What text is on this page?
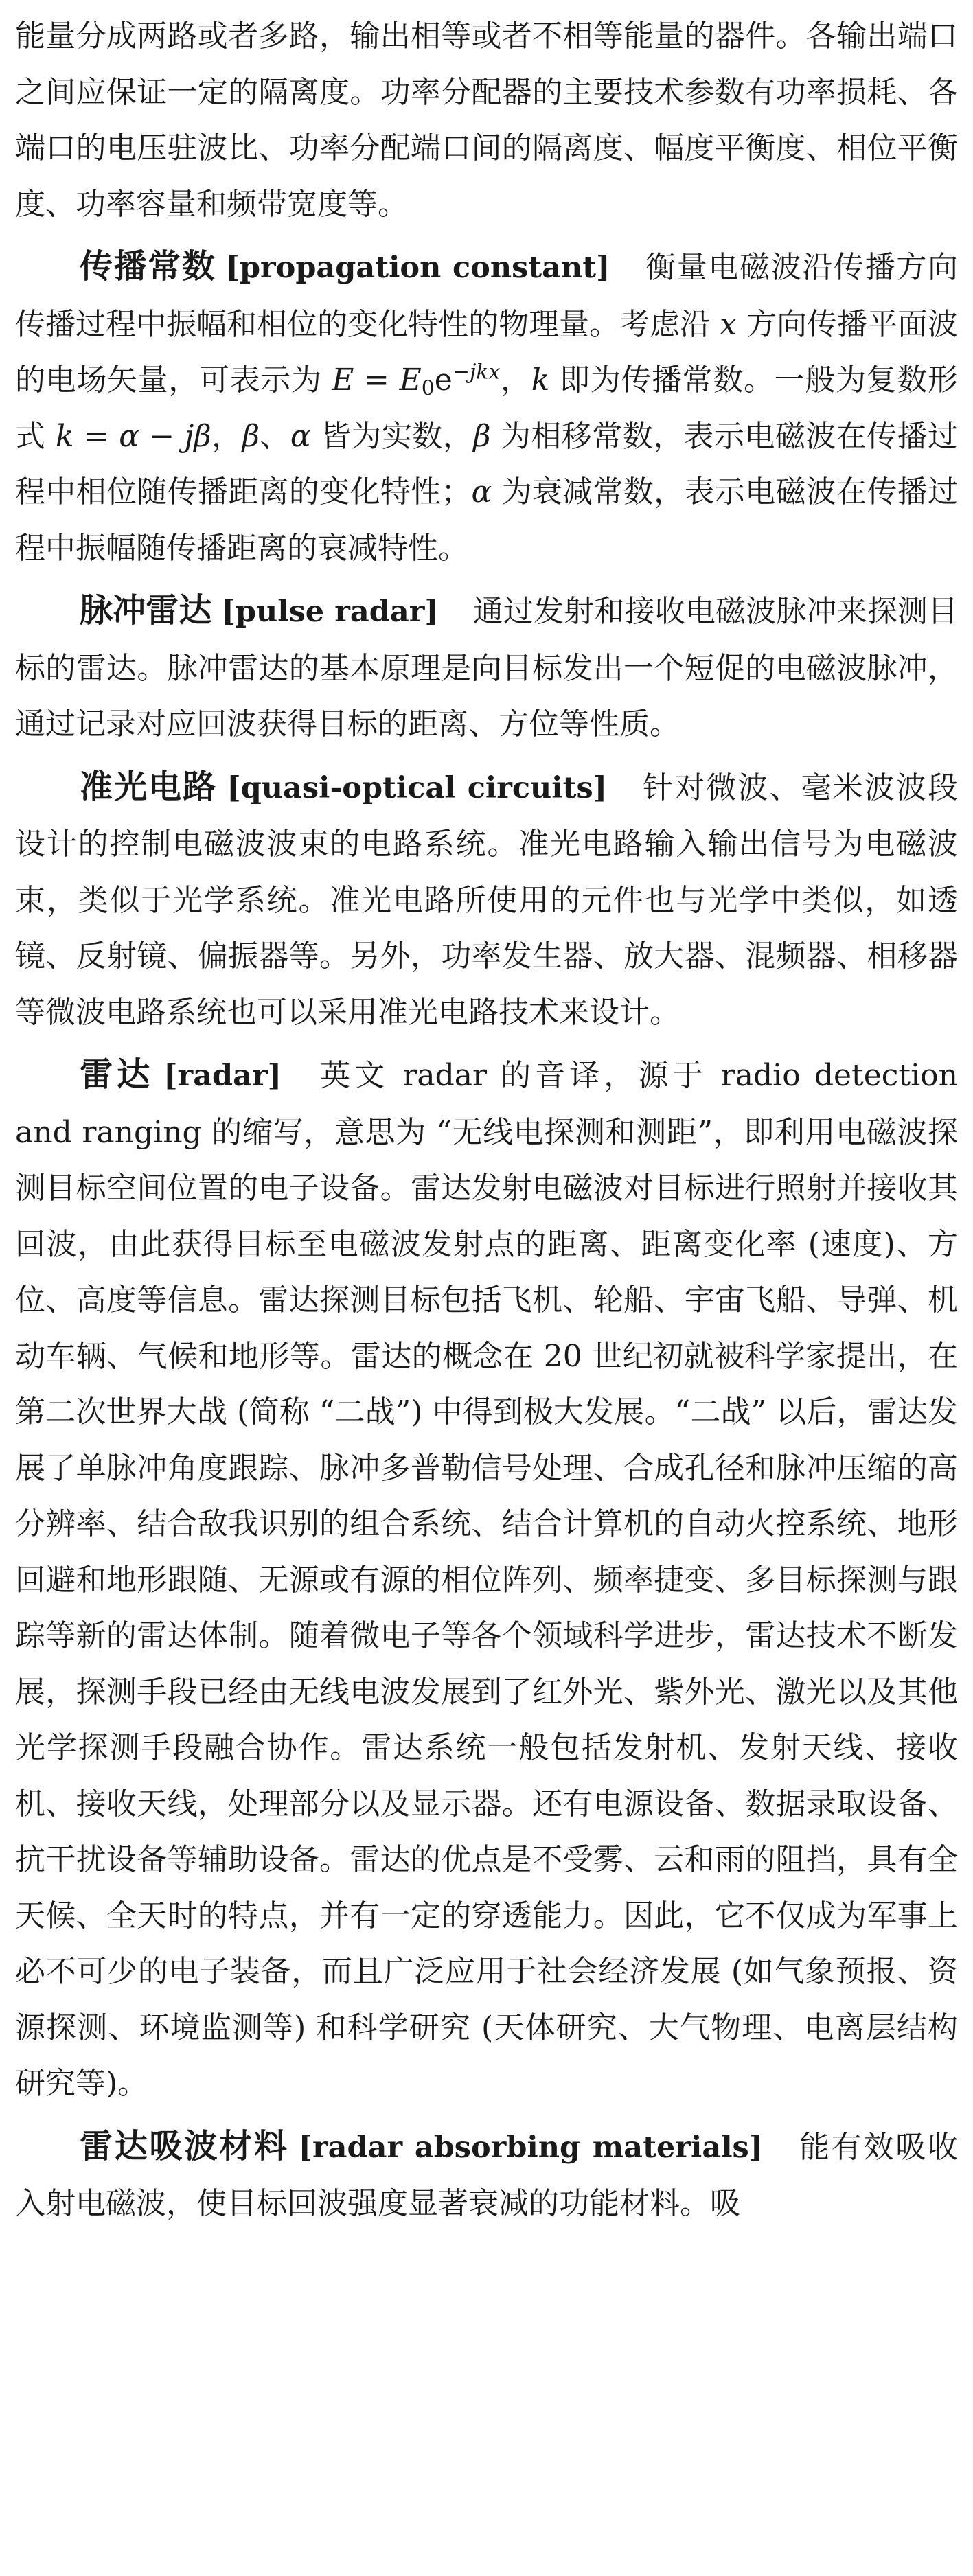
能量分成两路或者多路，输出相等或者不相等能量的器件。各输出端口之间应保证一定的隔离度。功率分配器的主要技术参数有功率损耗、各端口的电压驻波比、功率分配端口间的隔离度、幅度平衡度、相位平衡度、功率容量和频带宽度等。

传播常数 [propagation constant] 衡量电磁波沿传播方向传播过程中振幅和相位的变化特性的物理量。考虑沿 x 方向传播平面波的电场矢量，可表示为 $E = E_0e^{-jkx}$，k 即为传播常数。一般为复数形式 k = α − jβ，β、α 皆为实数，β 为相移常数，表示电磁波在传播过程中相位随传播距离的变化特性；α 为衰减常数，表示电磁波在传播过程中振幅随传播距离的衰减特性。

脉冲雷达 [pulse radar] 通过发射和接收电磁波脉冲来探测目标的雷达。脉冲雷达的基本原理是向目标发出一个短促的电磁波脉冲，通过记录对应回波获得目标的距离、方位等性质。

准光电路 [quasi-optical circuits] 针对微波、毫米波波段设计的控制电磁波波束的电路系统。准光电路输入输出信号为电磁波束，类似于光学系统。准光电路所使用的元件也与光学中类似，如透镜、反射镜、偏振器等。另外，功率发生器、放大器、混频器、相移器等微波电路系统也可以采用准光电路技术来设计。

雷达 [radar] 英文 radar 的音译，源于 radio detection and ranging 的缩写，意思为 “无线电探测和测距”，即利用电磁波探测目标空间位置的电子设备。雷达发射电磁波对目标进行照射并接收其回波，由此获得目标至电磁波发射点的距离、距离变化率 (速度)、方位、高度等信息。雷达探测目标包括飞机、轮船、宇宙飞船、导弹、机动车辆、气候和地形等。雷达的概念在 20 世纪初就被科学家提出，在第二次世界大战 (简称 “二战”) 中得到极大发展。“二战” 以后，雷达发展了单脉冲角度跟踪、脉冲多普勒信号处理、合成孔径和脉冲压缩的高分辨率、结合敌我识别的组合系统、结合计算机的自动火控系统、地形回避和地形跟随、无源或有源的相位阵列、频率捷变、多目标探测与跟踪等新的雷达体制。随着微电子等各个领域科学进步，雷达技术不断发展，探测手段已经由无线电波发展到了红外光、紫外光、激光以及其他光学探测手段融合协作。雷达系统一般包括发射机、发射天线、接收机、接收天线，处理部分以及显示器。还有电源设备、数据录取设备、抗干扰设备等辅助设备。雷达的优点是不受雾、云和雨的阻挡，具有全天候、全天时的特点，并有一定的穿透能力。因此，它不仅成为军事上必不可少的电子装备，而且广泛应用于社会经济发展 (如气象预报、资源探测、环境监测等) 和科学研究 (天体研究、大气物理、电离层结构研究等)。

雷达吸波材料 [radar absorbing materials] 能有效吸收入射电磁波，使目标回波强度显著衰减的功能材料。吸
